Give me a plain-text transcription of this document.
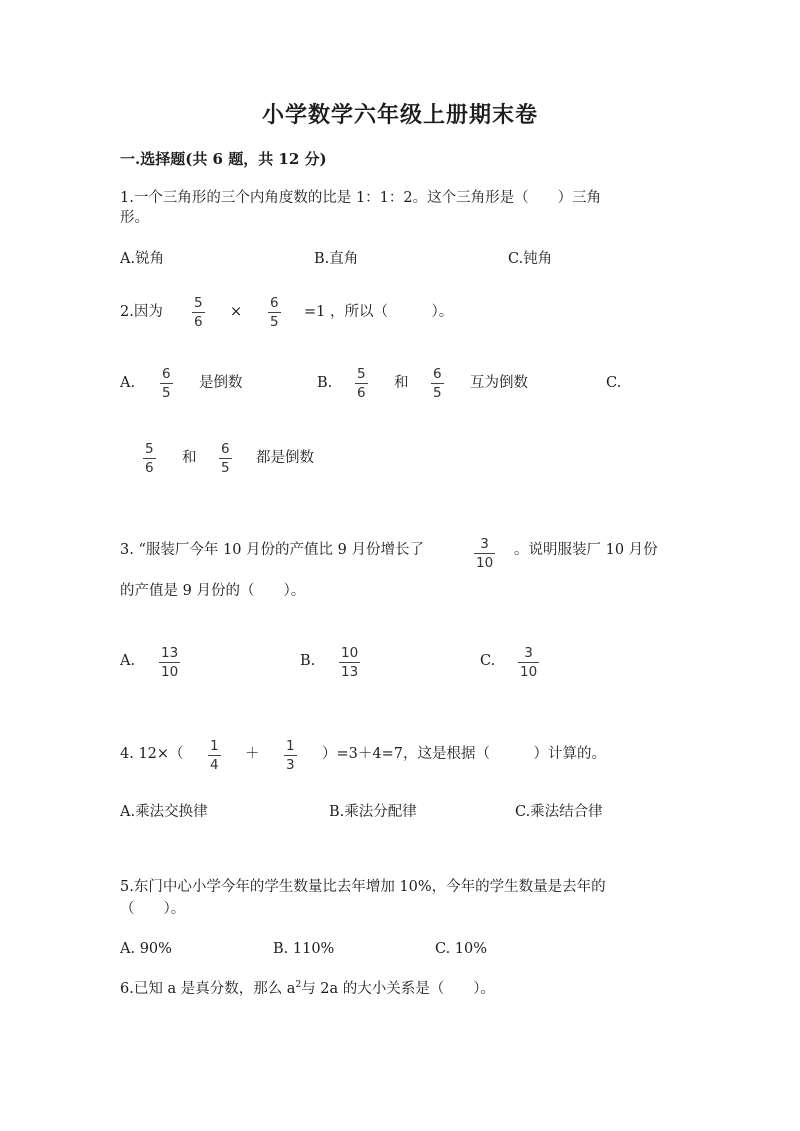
小学数学六年级上册期末卷
一.选择题(共 6 题，共 12 分)
1.一个三角形的三个内角度数的比是 1：1：2。这个三角形是（　　）三角
形。
A.锐角	B.直角	C.钝角
2.因为
5
6
×
6
5
=1 ，所以（　　　）。
A.
6
5
是倒数	B.
5
6
和
6
5
互为倒数	C.
5
6
和
6
5
都是倒数
3. “服装厂今年 10 月份的产值比 9 月份增长了	3
10
。说明服装厂 10 月份
的产值是 9 月份的（　　）。
A. 13
10
B. 10
13
C.	3
10
4. 12×（ 1
4
＋ 1
3
）=3＋4=7，这是根据（　　　）计算的。
A.乘法交换律	B.乘法分配律	C.乘法结合律
5.东门中心小学今年的学生数量比去年增加 10%，今年的学生数量是去年的
（　　）。
A. 90%	B. 110%	C. 10%
6.已知 a 是真分数，那么 $a^2$与 2a 的大小关系是（　　）。
